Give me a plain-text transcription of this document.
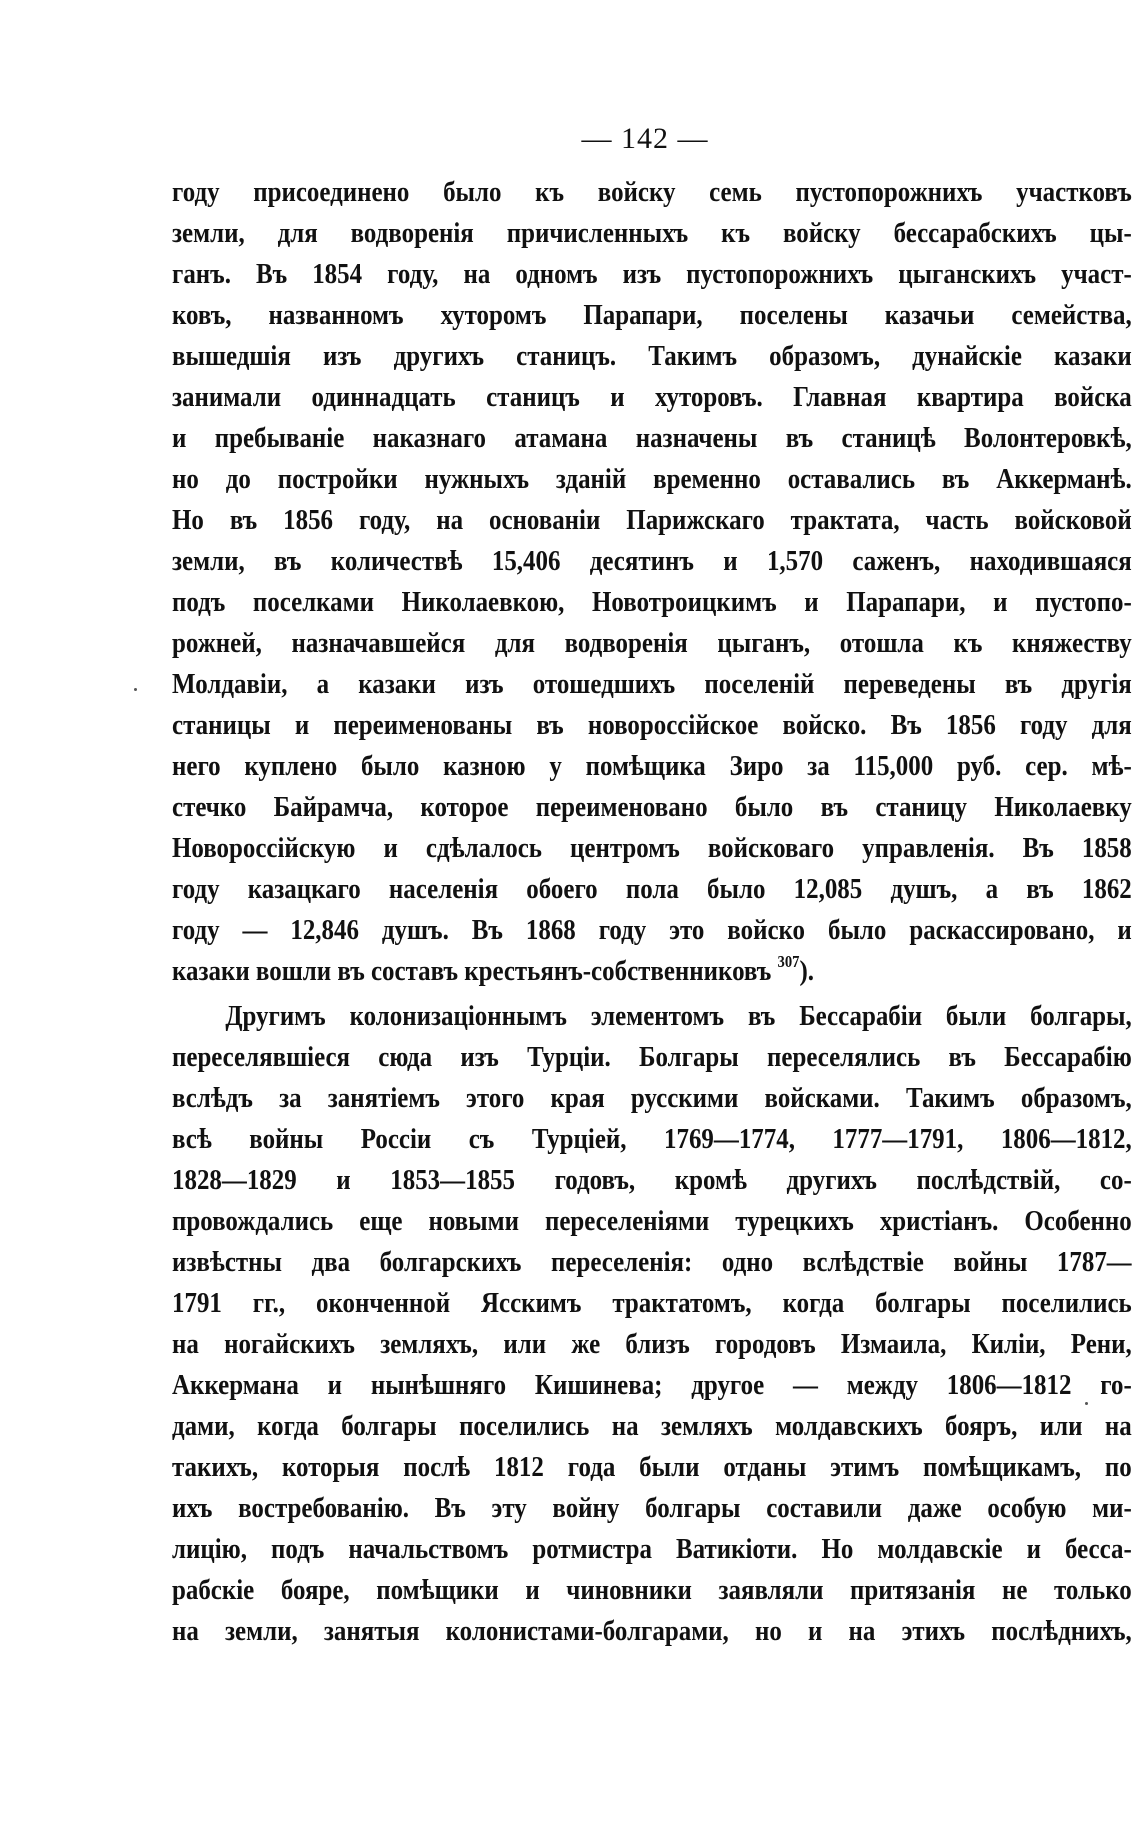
— 142 —
году присоединено было къ войску семь пустопорожнихъ участковъ
земли, для водворенія причисленныхъ къ войску бессарабскихъ цы-
ганъ. Въ 1854 году, на одномъ изъ пустопорожнихъ цыганскихъ участ-
ковъ, названномъ хуторомъ Парапари, поселены казачьи семейства,
вышедшія изъ другихъ станицъ. Такимъ образомъ, дунайскіе казаки
занимали одиннадцать станицъ и хуторовъ. Главная квартира войска
и пребываніе наказнаго атамана назначены въ станицѣ Волонтеровкѣ,
но до постройки нужныхъ зданій временно оставались въ Аккерманѣ.
Но въ 1856 году, на основаніи Парижскаго трактата, часть войсковой
земли, въ количествѣ 15,406 десятинъ и 1,570 саженъ, находившаяся
подъ поселками Николаевкою, Новотроицкимъ и Парапари, и пустопо-
рожней, назначавшейся для водворенія цыганъ, отошла къ княжеству
Молдавіи, а казаки изъ отошедшихъ поселеній переведены въ другія
станицы и переименованы въ новороссійское войско. Въ 1856 году для
него куплено было казною у помѣщика Зиро за 115,000 руб. сер. мѣ-
стечко Байрамча, которое переименовано было въ станицу Николаевку
Новороссійскую и сдѣлалось центромъ войсковаго управленія. Въ 1858
году казацкаго населенія обоего пола было 12,085 душъ, а въ 1862
году — 12,846 душъ. Въ 1868 году это войско было раскассировано, и
казаки вошли въ составъ крестьянъ-собственниковъ $^{307}$).
Другимъ колонизаціоннымъ элементомъ въ Бессарабіи были болгары,
переселявшіеся сюда изъ Турціи. Болгары переселялись въ Бессарабію
вслѣдъ за занятіемъ этого края русскими войсками. Такимъ образомъ,
всѣ войны Россіи съ Турціей, 1769—1774, 1777—1791, 1806—1812,
1828—1829 и 1853—1855 годовъ, кромѣ другихъ послѣдствій, со-
провождались еще новыми переселеніями турецкихъ христіанъ. Особенно
извѣстны два болгарскихъ переселенія: одно вслѣдствіе войны 1787—
1791 гг., оконченной Ясскимъ трактатомъ, когда болгары поселились
на ногайскихъ земляхъ, или же близъ городовъ Измаила, Киліи, Рени,
Аккермана и нынѣшняго Кишинева; другое — между 1806—1812 го-
дами, когда болгары поселились на земляхъ молдавскихъ бояръ, или на
такихъ, которыя послѣ 1812 года были отданы этимъ помѣщикамъ, по
ихъ востребованію. Въ эту войну болгары составили даже особую ми-
лицію, подъ начальствомъ ротмистра Ватикіоти. Но молдавскіе и бесса-
рабскіе бояре, помѣщики и чиновники заявляли притязанія не только
на земли, занятыя колонистами-болгарами, но и на этихъ послѣднихъ,
